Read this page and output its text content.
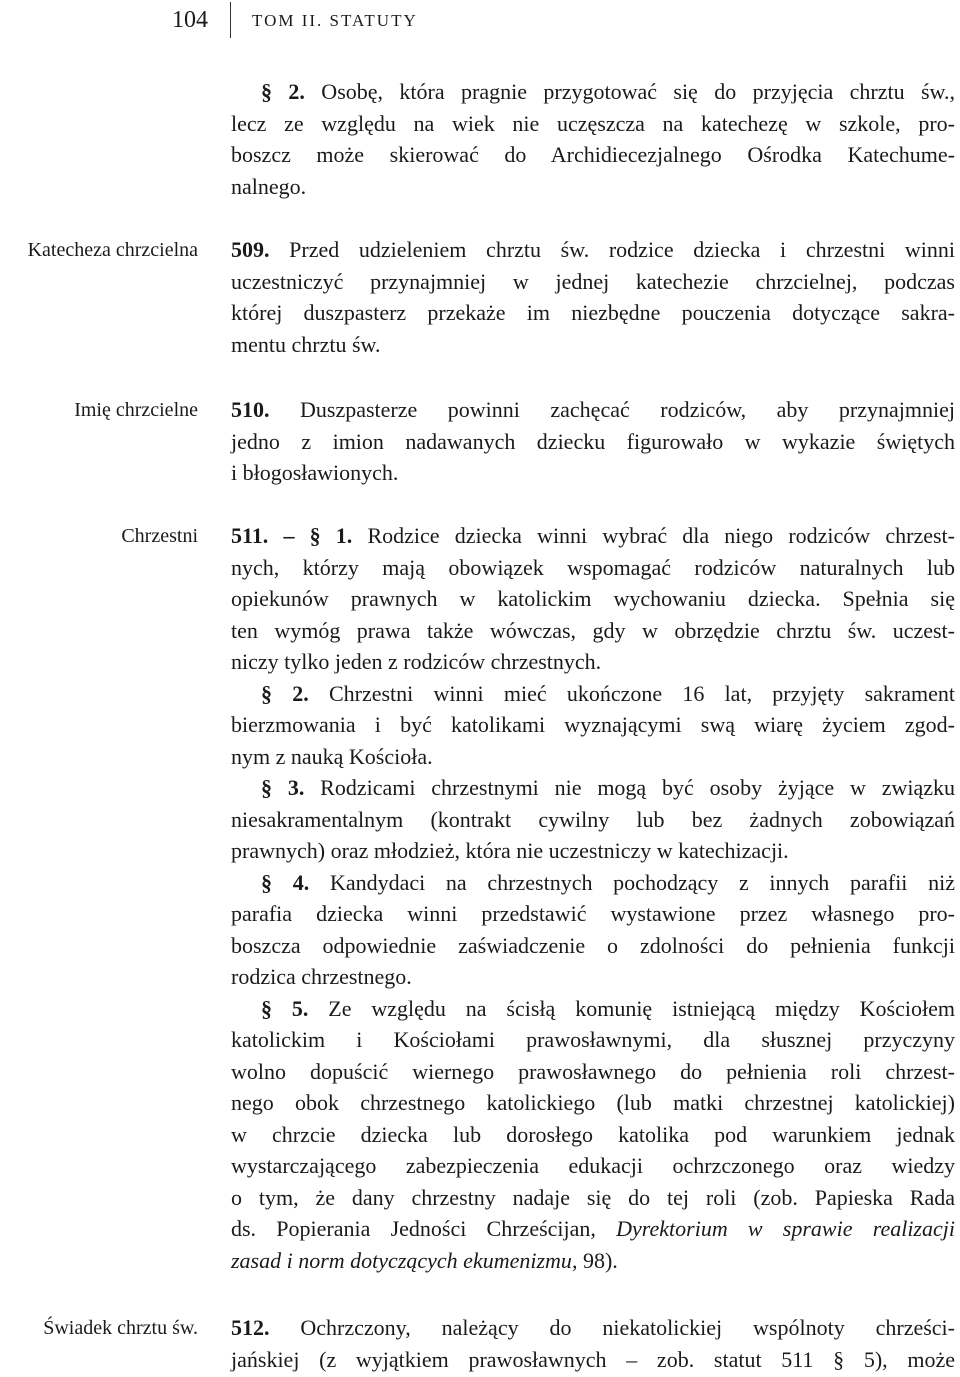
104	TOM II. STATUTY
Katecheza chrzcielna
Imię chrzcielne
Chrzestni
Świadek chrztu św.

§ 2. Osobę, która pragnie przygotować się do przyjęcia chrztu św.,
lecz ze względu na wiek nie uczęszcza na katechezę w szkole, pro-
boszcz może skierować do Archidiecezjalnego Ośrodka Katechume-
nalnego.

509. Przed udzieleniem chrztu św. rodzice dziecka i chrzestni winni
uczestniczyć przynajmniej w jednej katechezie chrzcielnej, podczas
której duszpasterz przekaże im niezbędne pouczenia dotyczące sakra-
mentu chrztu św.

510. Duszpasterze powinni zachęcać rodziców, aby przynajmniej
jedno z imion nadawanych dziecku figurowało w wykazie świętych
i błogosławionych.

511. – § 1. Rodzice dziecka winni wybrać dla niego rodziców chrzest-
nych, którzy mają obowiązek wspomagać rodziców naturalnych lub
opiekunów prawnych w katolickim wychowaniu dziecka. Spełnia się
ten wymóg prawa także wówczas, gdy w obrzędzie chrztu św. uczest-
niczy tylko jeden z rodziców chrzestnych.

§ 2. Chrzestni winni mieć ukończone 16 lat, przyjęty sakrament
bierzmowania i być katolikami wyznającymi swą wiarę życiem zgod-
nym z nauką Kościoła.

§ 3. Rodzicami chrzestnymi nie mogą być osoby żyjące w związku
niesakramentalnym (kontrakt cywilny lub bez żadnych zobowiązań
prawnych) oraz młodzież, która nie uczestniczy w katechizacji.

§ 4. Kandydaci na chrzestnych pochodzący z innych parafii niż
parafia dziecka winni przedstawić wystawione przez własnego pro-
boszcza odpowiednie zaświadczenie o zdolności do pełnienia funkcji
rodzica chrzestnego.

§ 5. Ze względu na ścisłą komunię istniejącą między Kościołem
katolickim i Kościołami prawosławnymi, dla słusznej przyczyny
wolno dopuścić wiernego prawosławnego do pełnienia roli chrzest-
nego obok chrzestnego katolickiego (lub matki chrzestnej katolickiej)
w chrzcie dziecka lub dorosłego katolika pod warunkiem jednak
wystarczającego zabezpieczenia edukacji ochrzczonego oraz wiedzy
o tym, że dany chrzestny nadaje się do tej roli (zob. Papieska Rada
ds. Popierania Jedności Chrześcijan, Dyrektorium w sprawie realizacji
zasad i norm dotyczących ekumenizmu, 98).

512. Ochrzczony, należący do niekatolickiej wspólnoty chrześci-
jańskiej (z wyjątkiem prawosławnych – zob. statut 511 § 5), może
